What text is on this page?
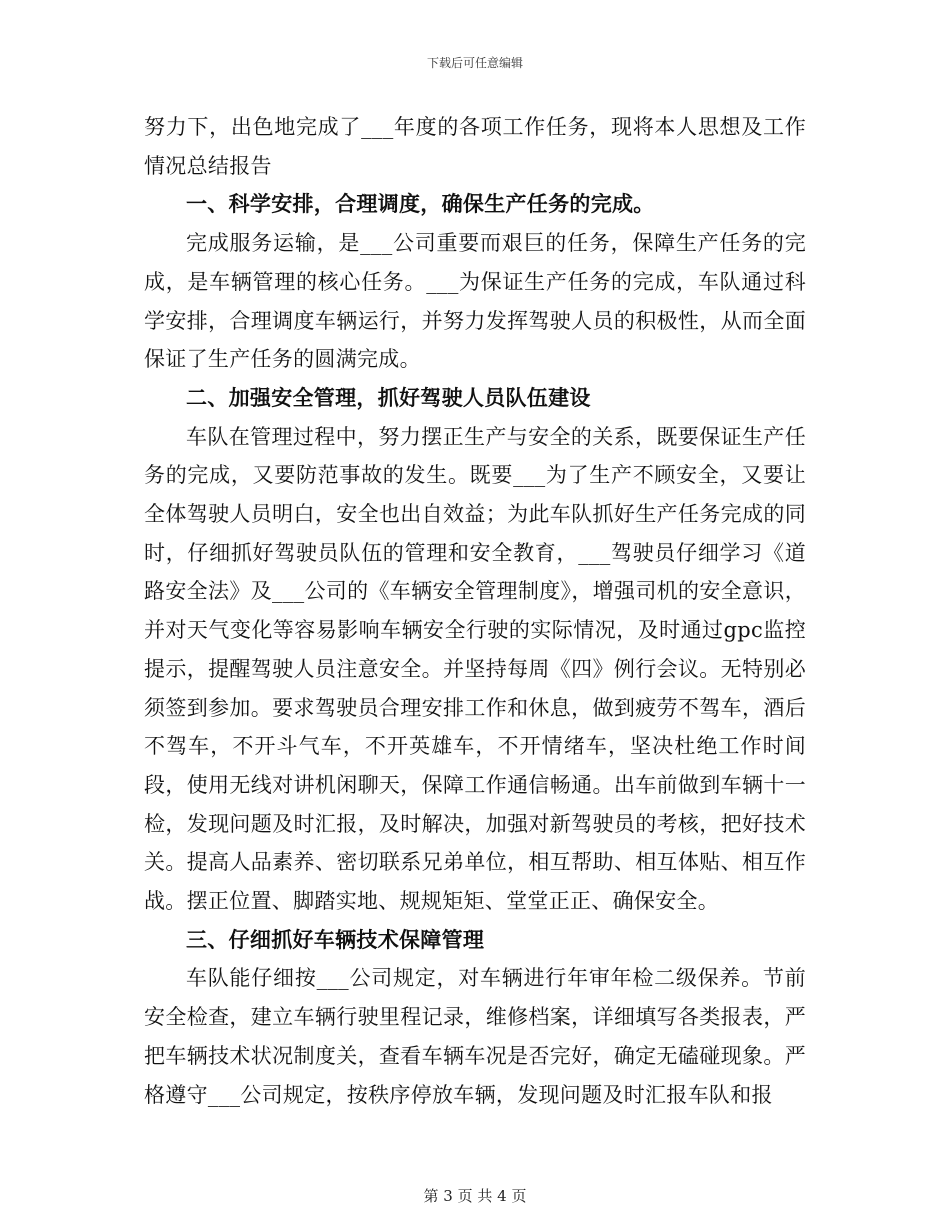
下载后可任意编辑

努力下，出色地完成了___年度的各项工作任务，现将本人思想及工作情况总结报告

一、科学安排，合理调度，确保生产任务的完成。

完成服务运输，是___公司重要而艰巨的任务，保障生产任务的完成，是车辆管理的核心任务。___为保证生产任务的完成，车队通过科学安排，合理调度车辆运行，并努力发挥驾驶人员的积极性，从而全面保证了生产任务的圆满完成。

二、加强安全管理，抓好驾驶人员队伍建设

车队在管理过程中，努力摆正生产与安全的关系，既要保证生产任务的完成，又要防范事故的发生。既要___为了生产不顾安全，又要让全体驾驶人员明白，安全也出自效益；为此车队抓好生产任务完成的同时，仔细抓好驾驶员队伍的管理和安全教育，___驾驶员仔细学习《道路安全法》及___公司的《车辆安全管理制度》，增强司机的安全意识，并对天气变化等容易影响车辆安全行驶的实际情况，及时通过gpc监控提示，提醒驾驶人员注意安全。并坚持每周《四》例行会议。无特别必须签到参加。要求驾驶员合理安排工作和休息，做到疲劳不驾车，酒后不驾车，不开斗气车，不开英雄车，不开情绪车，坚决杜绝工作时间段，使用无线对讲机闲聊天，保障工作通信畅通。出车前做到车辆十一检，发现问题及时汇报，及时解决，加强对新驾驶员的考核，把好技术关。提高人品素养、密切联系兄弟单位，相互帮助、相互体贴、相互作战。摆正位置、脚踏实地、规规矩矩、堂堂正正、确保安全。

三、仔细抓好车辆技术保障管理

车队能仔细按___公司规定，对车辆进行年审年检二级保养。节前安全检查，建立车辆行驶里程记录，维修档案，详细填写各类报表，严把车辆技术状况制度关，查看车辆车况是否完好，确定无磕碰现象。严格遵守___公司规定，按秩序停放车辆，发现问题及时汇报车队和报

第 3 页 共 4 页
